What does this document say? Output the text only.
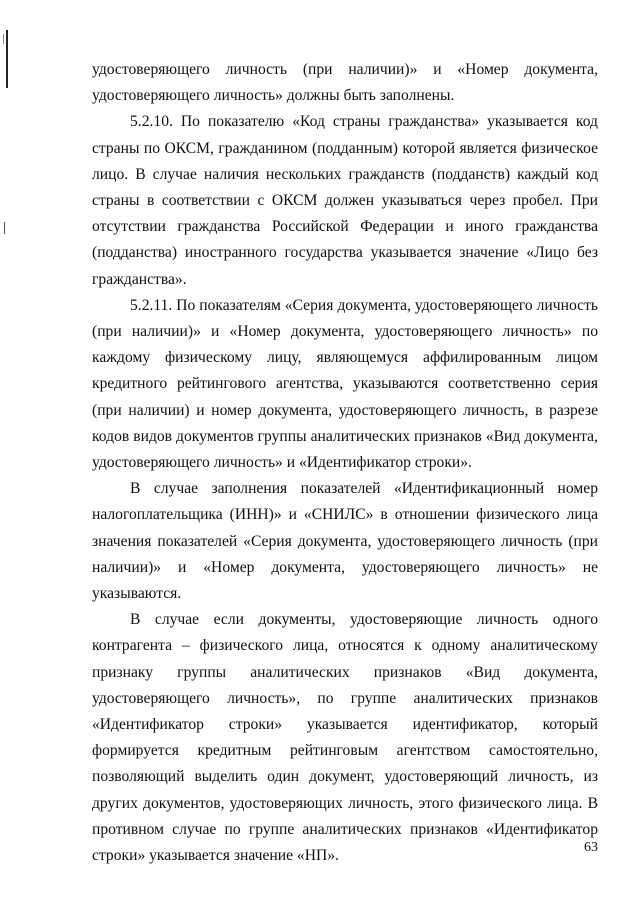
удостоверяющего личность (при наличии)» и «Номер документа, удостоверяющего личность» должны быть заполнены.

5.2.10. По показателю «Код страны гражданства» указывается код страны по ОКСМ, гражданином (подданным) которой является физическое лицо. В случае наличия нескольких гражданств (подданств) каждый код страны в соответствии с ОКСМ должен указываться через пробел. При отсутствии гражданства Российской Федерации и иного гражданства (подданства) иностранного государства указывается значение «Лицо без гражданства».

5.2.11. По показателям «Серия документа, удостоверяющего личность (при наличии)» и «Номер документа, удостоверяющего личность» по каждому физическому лицу, являющемуся аффилированным лицом кредитного рейтингового агентства, указываются соответственно серия (при наличии) и номер документа, удостоверяющего личность, в разрезе кодов видов документов группы аналитических признаков «Вид документа, удостоверяющего личность» и «Идентификатор строки».

В случае заполнения показателей «Идентификационный номер налогоплательщика (ИНН)» и «СНИЛС» в отношении физического лица значения показателей «Серия документа, удостоверяющего личность (при наличии)» и «Номер документа, удостоверяющего личность» не указываются.

В случае если документы, удостоверяющие личность одного контрагента – физического лица, относятся к одному аналитическому признаку группы аналитических признаков «Вид документа, удостоверяющего личность», по группе аналитических признаков «Идентификатор строки» указывается идентификатор, который формируется кредитным рейтинговым агентством самостоятельно, позволяющий выделить один документ, удостоверяющий личность, из других документов, удостоверяющих личность, этого физического лица. В противном случае по группе аналитических признаков «Идентификатор строки» указывается значение «НП».	63
